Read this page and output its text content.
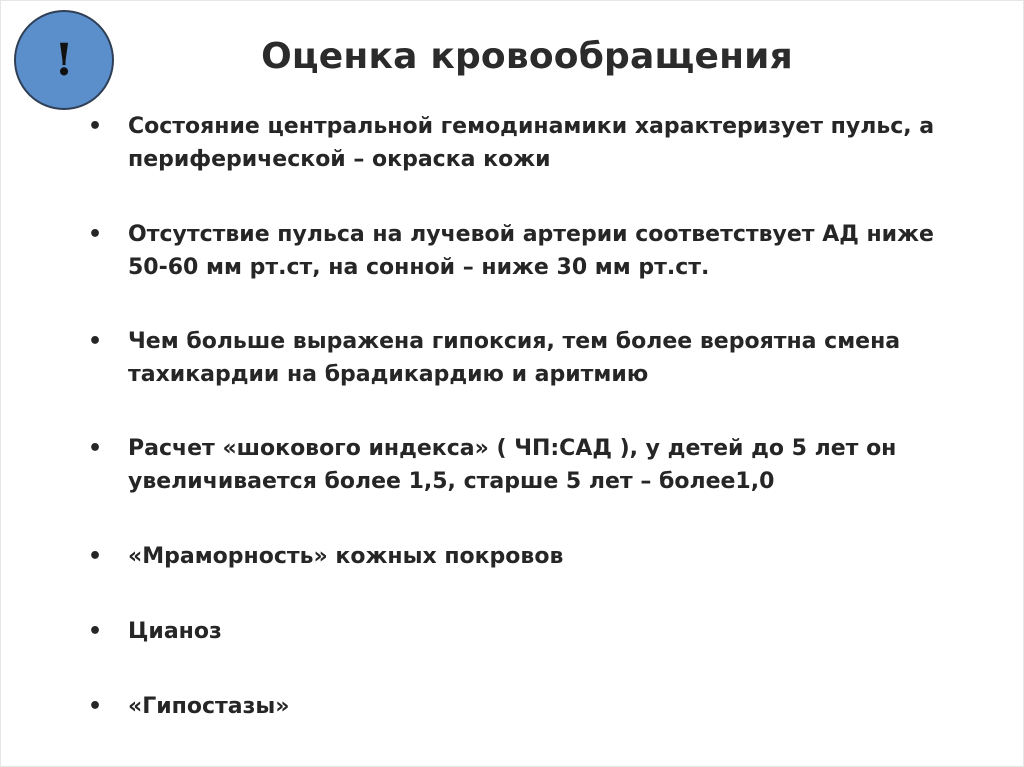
!	Оценка кровообращения
• Состояние центральной гемодинамики характеризует пульс, а периферической – окраска кожи
• Отсутствие пульса на лучевой артерии соответствует АД ниже 50-60 мм рт.ст, на сонной – ниже 30 мм рт.ст.
• Чем больше выражена гипоксия, тем более вероятна смена тахикардии на брадикардию и аритмию
• Расчет «шокового индекса» ( ЧП:САД ), у детей до 5 лет он увеличивается более 1,5, старше 5 лет – более1,0
• «Мраморность» кожных покровов
• Цианоз
• «Гипостазы»
